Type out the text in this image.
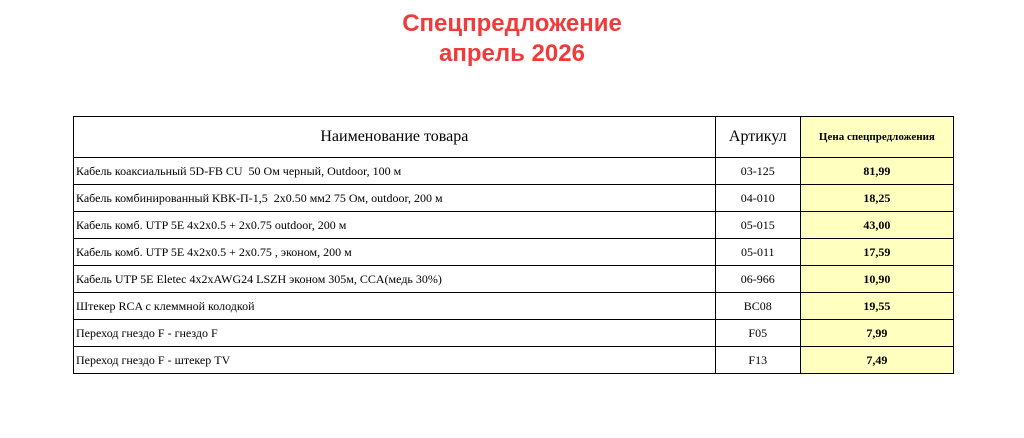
Спецпредложение
апрель 2026
Наименование товара	Артикул	Цена спецпредложения
Кабель коаксиальный 5D-FB CU  50 Ом черный, Outdoor, 100 м	03-125	81,99
Кабель комбинированный КВК-П-1,5  2х0.50 мм2 75 Ом, outdoor, 200 м	04-010	18,25
Кабель комб. UTP 5E 4х2х0.5 + 2х0.75 outdoor, 200 м	05-015	43,00
Кабель комб. UTP 5E 4х2х0.5 + 2х0.75 , эконом, 200 м	05-011	17,59
Кабель UTP 5E Eletec 4x2xAWG24 LSZH эконом 305м, CCA(медь 30%)	06-966	10,90
Штекер RCA с клеммной колодкой	BC08	19,55
Переход гнездо F - гнездо F	F05	7,99
Переход гнездо F - штекер TV	F13	7,49
